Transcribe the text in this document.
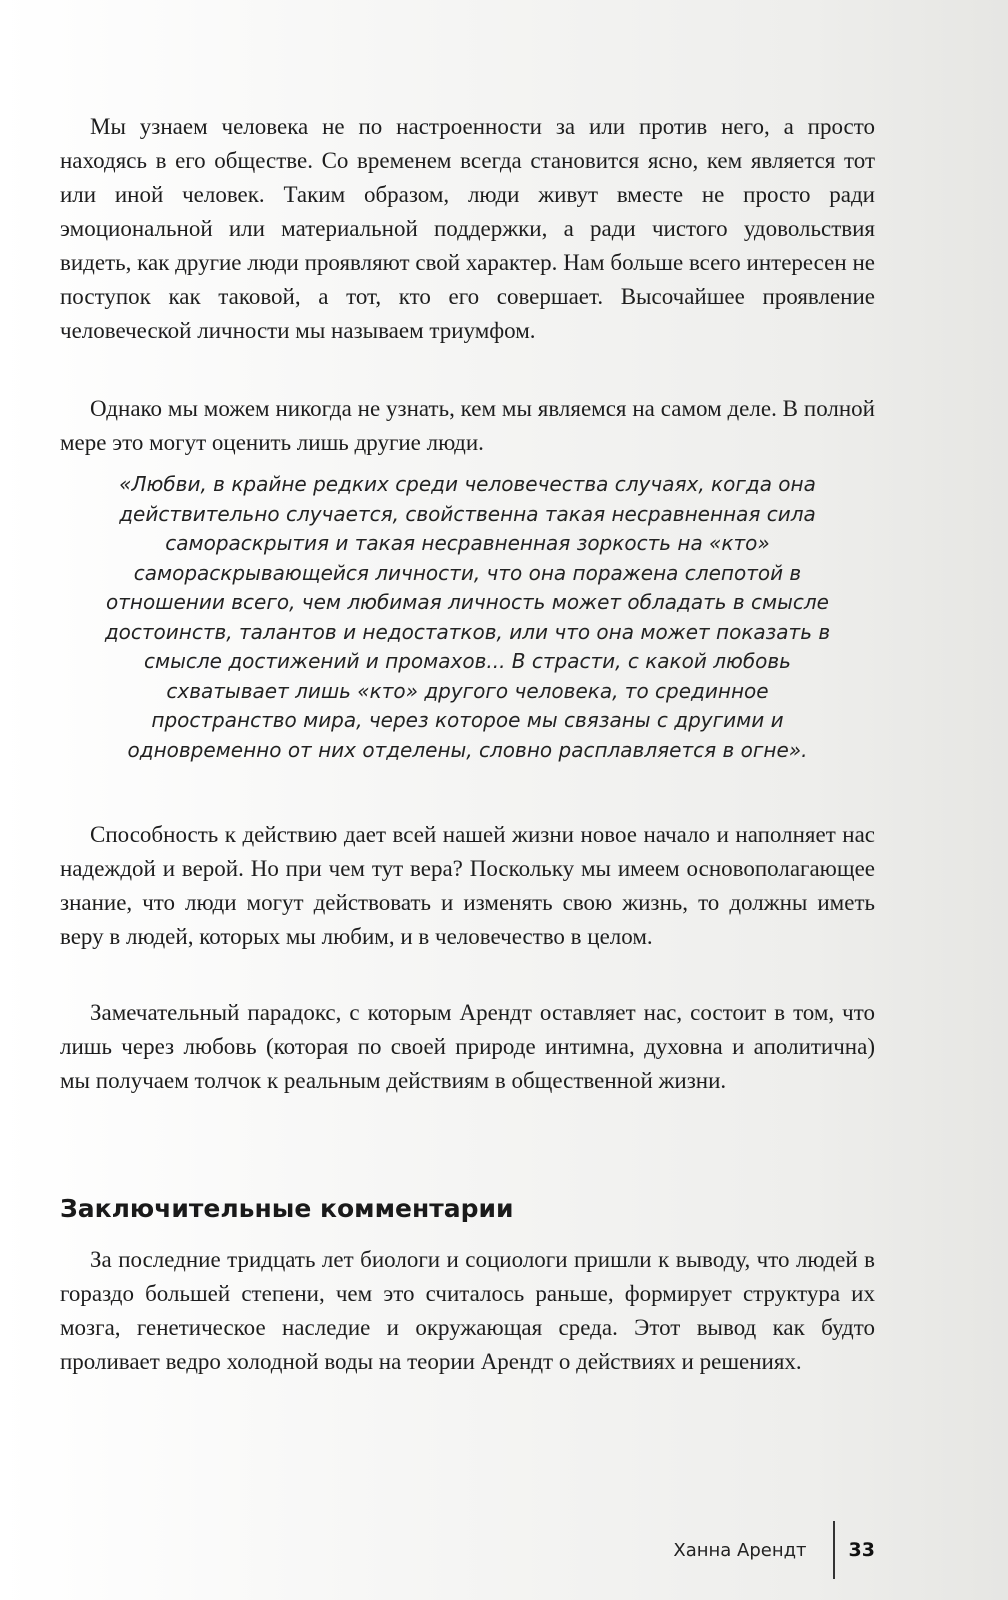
Мы узнаем человека не по настроенности за или против него, а просто находясь в его обществе. Со временем всегда становится ясно, кем является тот или иной человек. Таким образом, люди живут вместе не просто ради эмоциональной или материальной поддержки, а ради чистого удовольствия видеть, как другие люди проявляют свой характер. Нам больше всего интересен не поступок как таковой, а тот, кто его совершает. Высочайшее проявление человеческой личности мы называем триумфом.

Однако мы можем никогда не узнать, кем мы являемся на самом деле. В полной мере это могут оценить лишь другие люди.

«Любви, в крайне редких среди человечества случаях, когда она действительно случается, свойственна такая несравненная сила самораскрытия и такая несравненная зоркость на «кто» самораскрывающейся личности, что она поражена слепотой в отношении всего, чем любимая личность может обладать в смысле достоинств, талантов и недостатков, или что она может показать в смысле достижений и промахов... В страсти, с какой любовь схватывает лишь «кто» другого человека, то срединное пространство мира, через которое мы связаны с другими и одновременно от них отделены, словно расплавляется в огне».

Способность к действию дает всей нашей жизни новое начало и наполняет нас надеждой и верой. Но при чем тут вера? Поскольку мы имеем основополагающее знание, что люди могут действовать и изменять свою жизнь, то должны иметь веру в людей, которых мы любим, и в человечество в целом.

Замечательный парадокс, с которым Арендт оставляет нас, состоит в том, что лишь через любовь (которая по своей природе интимна, духовна и аполитична) мы получаем толчок к реальным действиям в общественной жизни.

Заключительные комментарии

За последние тридцать лет биологи и социологи пришли к выводу, что людей в гораздо большей степени, чем это считалось раньше, формирует структура их мозга, генетическое наследие и окружающая среда. Этот вывод как будто проливает ведро холодной воды на теории Арендт о действиях и решениях.

Ханна Арендт	33
